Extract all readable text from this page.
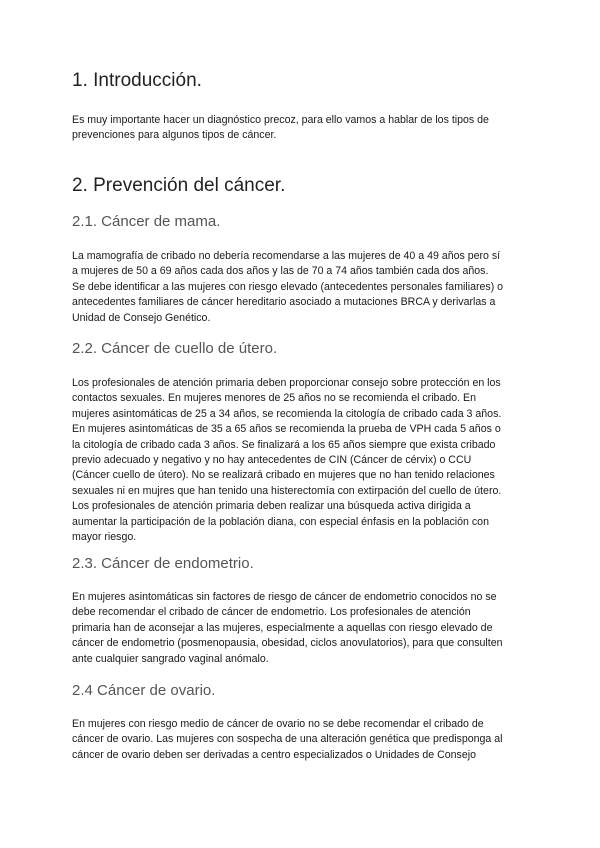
1. Introducción.
Es muy importante hacer un diagnóstico precoz, para ello vamos a hablar de los tipos de
prevenciones para algunos tipos de cáncer.
2. Prevención del cáncer.
2.1. Cáncer de mama.
La mamografía de cribado no debería recomendarse a las mujeres de 40 a 49 años pero sí
a mujeres de 50 a 69 años cada dos años y las de 70 a 74 años también cada dos años.
Se debe identificar a las mujeres con riesgo elevado (antecedentes personales familiares) o
antecedentes familiares de cáncer hereditario asociado a mutaciones BRCA y derivarlas a
Unidad de Consejo Genético.
2.2. Cáncer de cuello de útero.
Los profesionales de atención primaria deben proporcionar consejo sobre protección en los
contactos sexuales. En mujeres menores de 25 años no se recomienda el cribado. En
mujeres asintomáticas de 25 a 34 años, se recomienda la citología de cribado cada 3 años.
En mujeres asintomáticas de 35 a 65 años se recomienda la prueba de VPH cada 5 años o
la citología de cribado cada 3 años. Se finalizará a los 65 años siempre que exista cribado
previo adecuado y negativo y no hay antecedentes de CIN (Cáncer de cérvix) o CCU
(Cáncer cuello de útero). No se realizará cribado en mujeres que no han tenido relaciones
sexuales ni en mujres que han tenido una histerectomía con extirpación del cuello de útero.
Los profesionales de atención primaria deben realizar una búsqueda activa dirigida a
aumentar la participación de la población diana, con especial énfasis en la población con
mayor riesgo.
2.3. Cáncer de endometrio.
En mujeres asintomáticas sin factores de riesgo de cáncer de endometrio conocidos no se
debe recomendar el cribado de cáncer de endometrio. Los profesionales de atención
primaria han de aconsejar a las mujeres, especialmente a aquellas con riesgo elevado de
cáncer de endometrio (posmenopausia, obesidad, ciclos anovulatorios), para que consulten
ante cualquier sangrado vaginal anómalo.
2.4 Cáncer de ovario.
En mujeres con riesgo medio de cáncer de ovario no se debe recomendar el cribado de
cáncer de ovario. Las mujeres con sospecha de una alteración genética que predisponga al
cáncer de ovario deben ser derivadas a centro especializados o Unidades de Consejo
